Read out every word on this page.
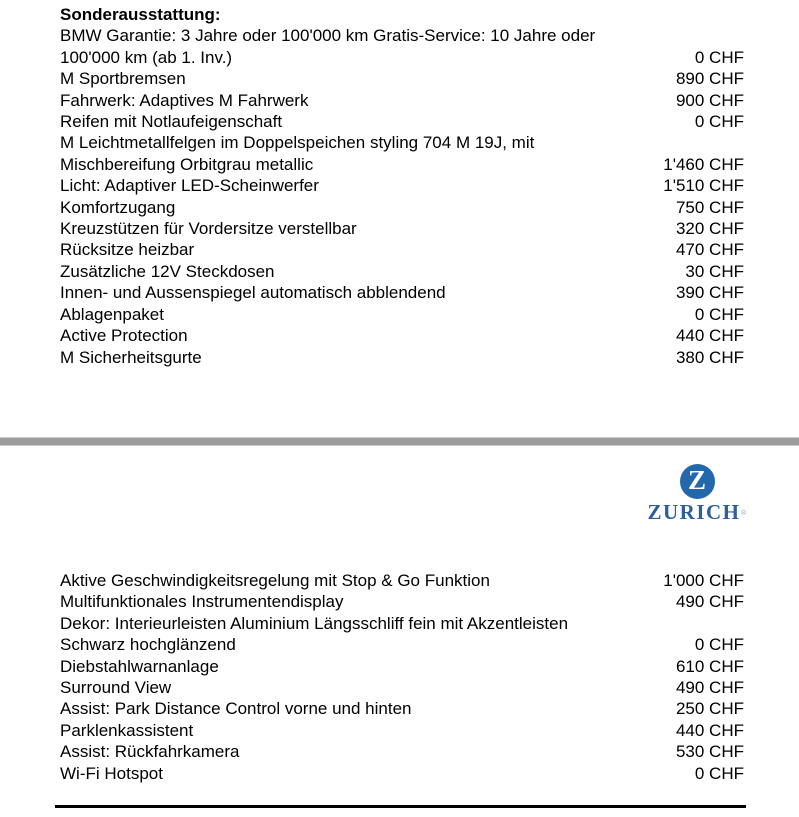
Sonderausstattung:
BMW Garantie: 3 Jahre oder 100'000 km Gratis-Service: 10 Jahre oder
100'000 km (ab 1. Inv.)	0 CHF
M Sportbremsen	890 CHF
Fahrwerk: Adaptives M Fahrwerk	900 CHF
Reifen mit Notlaufeigenschaft	0 CHF
M Leichtmetallfelgen im Doppelspeichen styling 704 M 19J, mit
Mischbereifung Orbitgrau metallic	1'460 CHF
Licht: Adaptiver LED-Scheinwerfer	1'510 CHF
Komfortzugang	750 CHF
Kreuzstützen für Vordersitze verstellbar	320 CHF
Rücksitze heizbar	470 CHF
Zusätzliche 12V Steckdosen	30 CHF
Innen- und Aussenspiegel automatisch abblendend	390 CHF
Ablagenpaket	0 CHF
Active Protection	440 CHF
M Sicherheitsgurte	380 CHF
Z
ZURICH®
Aktive Geschwindigkeitsregelung mit Stop & Go Funktion	1'000 CHF
Multifunktionales Instrumentendisplay	490 CHF
Dekor: Interieurleisten Aluminium Längsschliff fein mit Akzentleisten
Schwarz hochglänzend	0 CHF
Diebstahlwarnanlage	610 CHF
Surround View	490 CHF
Assist: Park Distance Control vorne und hinten	250 CHF
Parklenkassistent	440 CHF
Assist: Rückfahrkamera	530 CHF
Wi-Fi Hotspot	0 CHF
